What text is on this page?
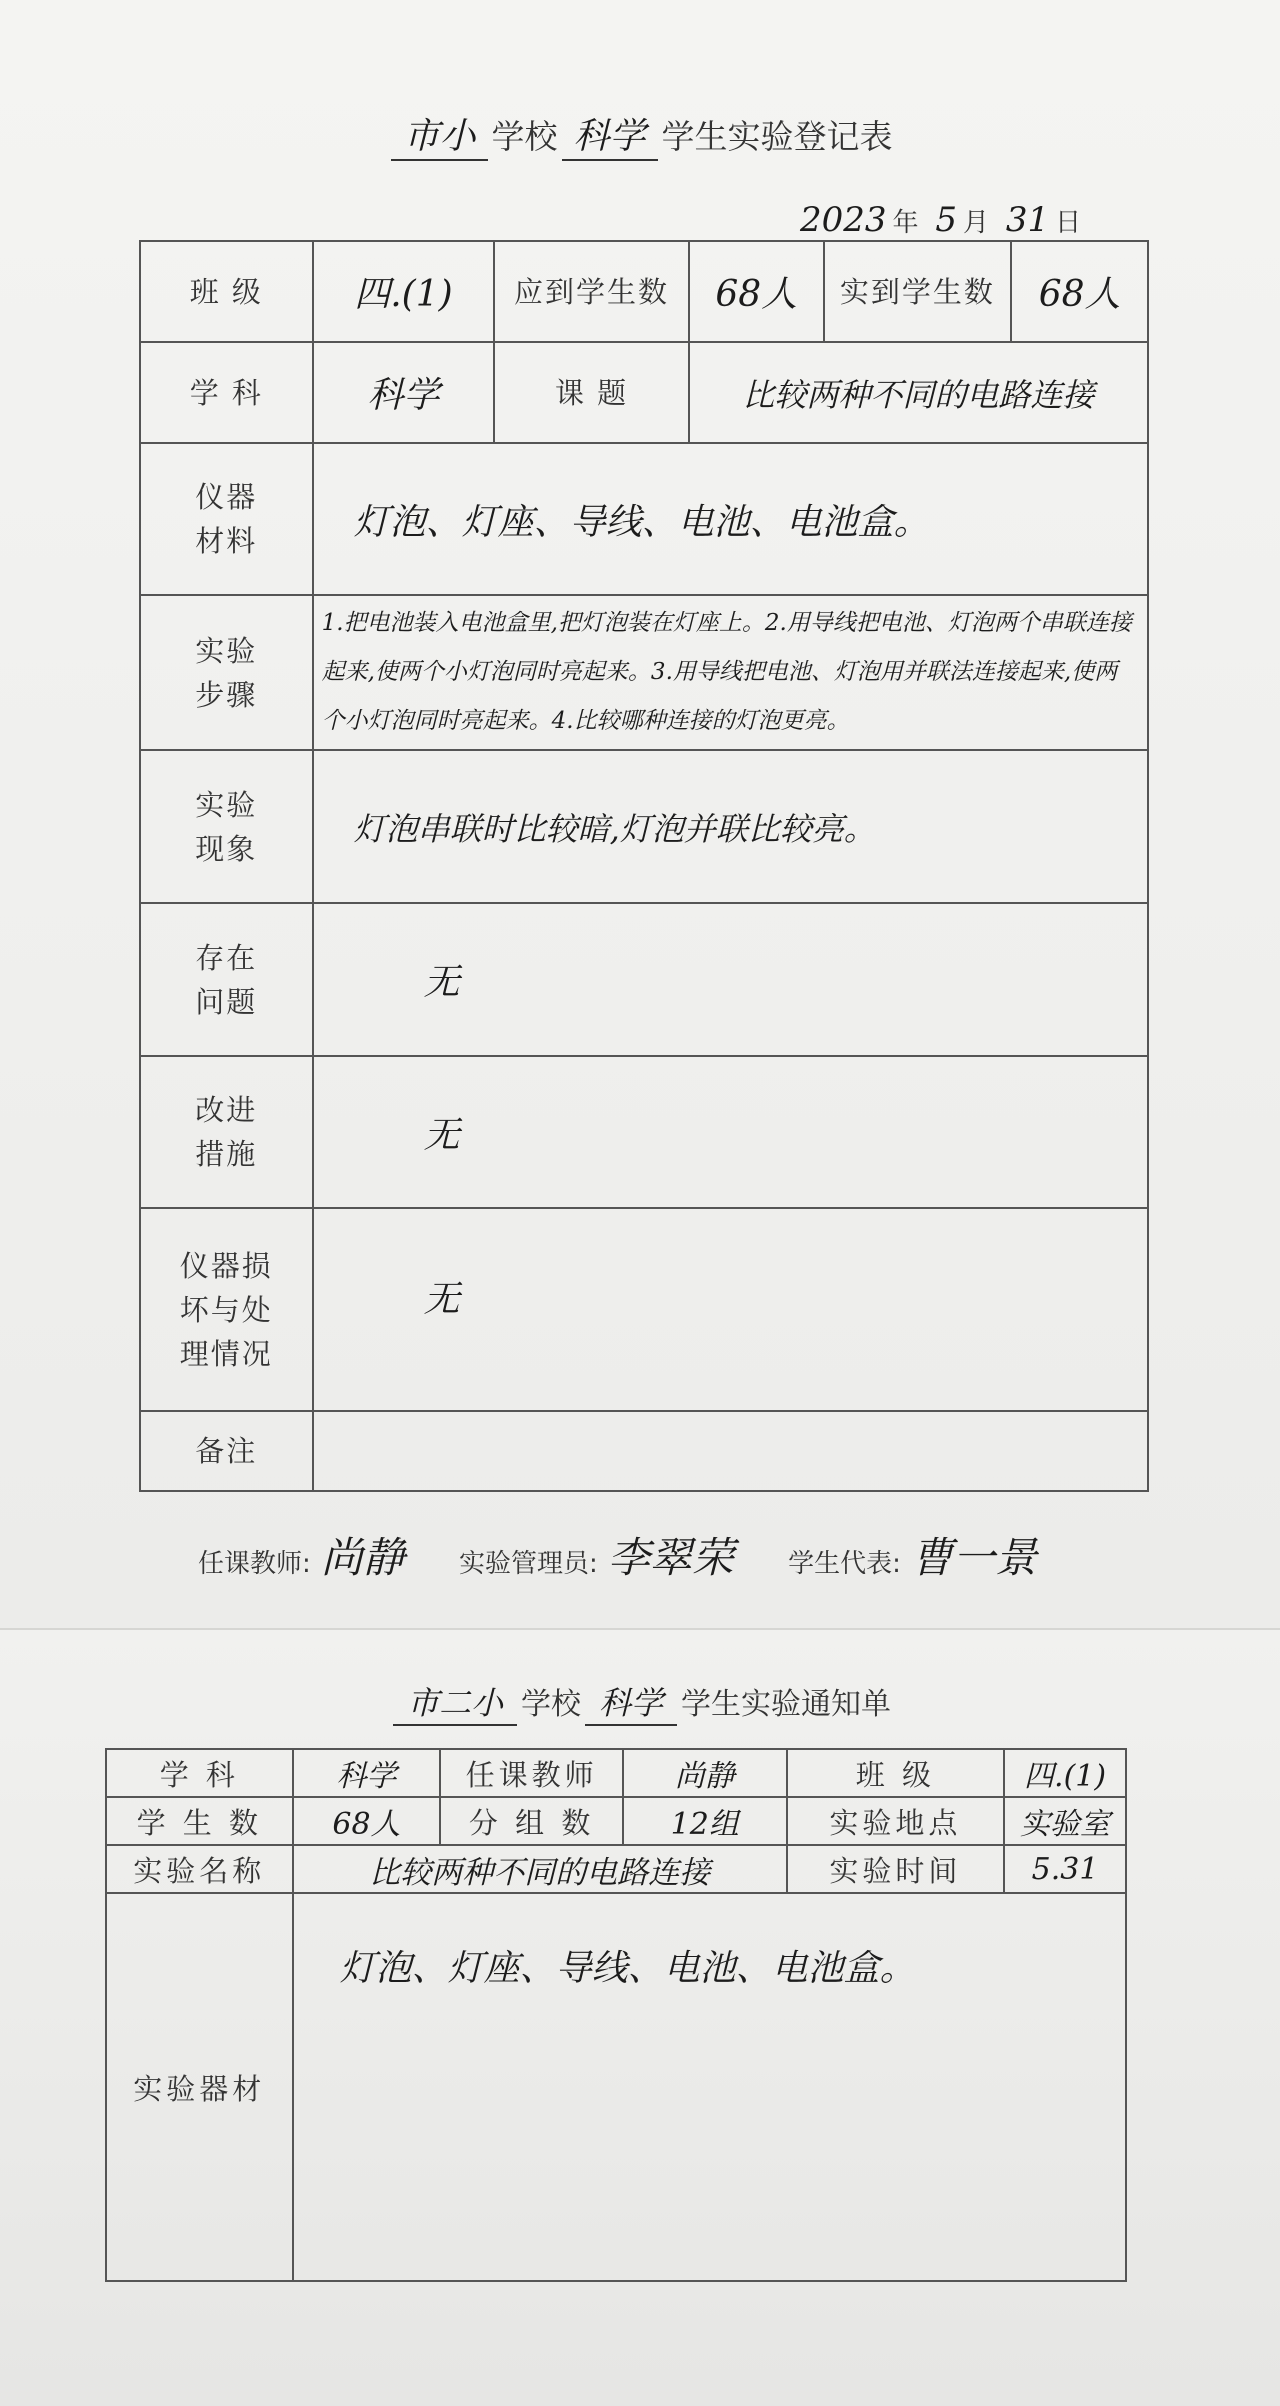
市小 学校 科学 学生实验登记表
2023 年 5 月 31 日
班 级	四.(1)	应到学生数	68人	实到学生数	68人
学 科	科学	课 题	比较两种不同的电路连接		
仪器
材料	灯泡、灯座、导线、电池、电池盒。				
实验
步骤	1.把电池装入电池盒里,把灯泡装在灯座上。2.用导线把电池、灯泡两个串联连接起来,使两个小灯泡同时亮起来。3.用导线把电池、灯泡用并联法连接起来,使两个小灯泡同时亮起来。4.比较哪种连接的灯泡更亮。				
实验
现象	灯泡串联时比较暗,灯泡并联比较亮。				
存在
问题	无				
改进
措施	无				
仪器损
坏与处
理情况	无				
备注					
任课教师: 尚静 实验管理员: 李翠荣 学生代表: 曹一景
市二小 学校 科学 学生实验通知单
学 科	科学	任课教师	尚静	班 级	四.(1)
学 生 数	68人	分 组 数	12组	实验地点	实验室
实验名称	比较两种不同的电路连接			实验时间	5.31
实验器材	灯泡、灯座、导线、电池、电池盒。				
